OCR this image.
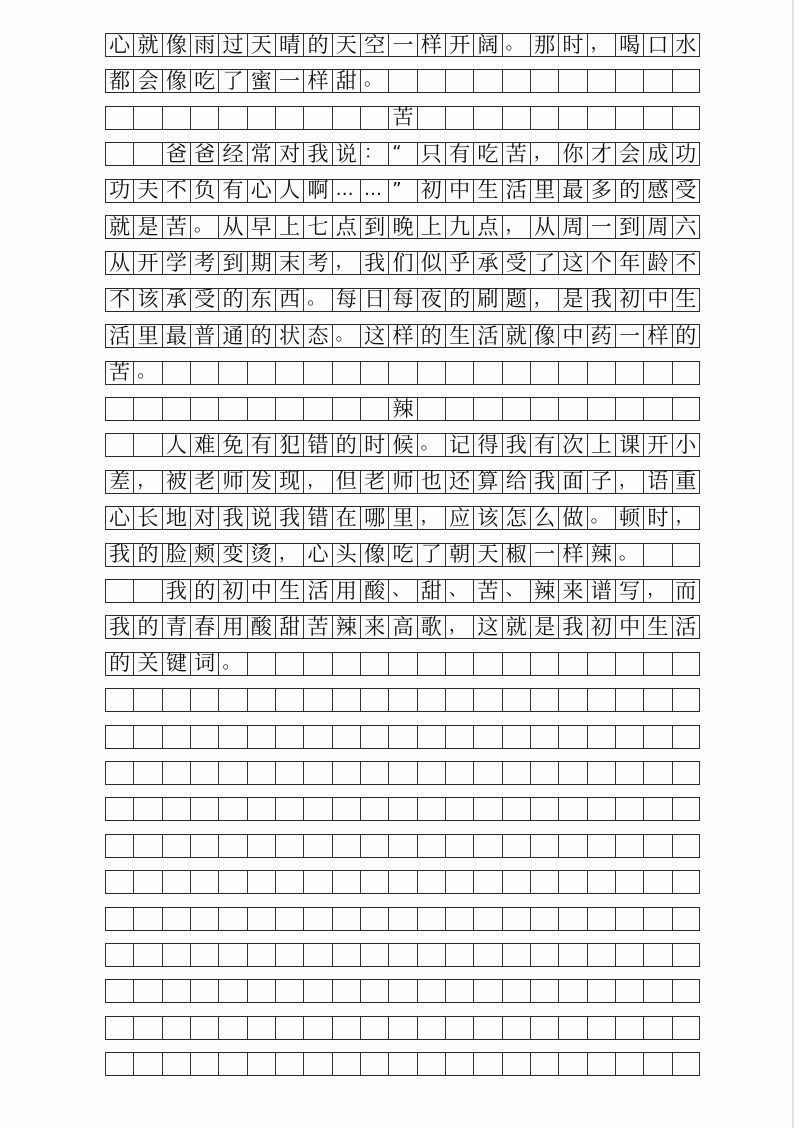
心 就 像 雨 过 天 晴 的 天 空 一 样 开 阔 。 那 时 ， 喝 口 水
都 会 像 吃 了 蜜 一 样 甜 。
苦
爸 爸 经 常 对 我 说 ： “ 只 有 吃 苦 ， 你 才 会 成 功
功 夫 不 负 有 心 人 啊 … … ” 初 中 生 活 里 最 多 的 感 受
就 是 苦 。 从 早 上 七 点 到 晚 上 九 点 ， 从 周 一 到 周 六
从 开 学 考 到 期 末 考 ， 我 们 似 乎 承 受 了 这 个 年 龄 不
不 该 承 受 的 东 西 。 每 日 每 夜 的 刷 题 ， 是 我 初 中 生
活 里 最 普 通 的 状 态 。 这 样 的 生 活 就 像 中 药 一 样 的
苦 。
辣
人 难 免 有 犯 错 的 时 候 。 记 得 我 有 次 上 课 开 小
差 ， 被 老 师 发 现 ， 但 老 师 也 还 算 给 我 面 子 ， 语 重
心 长 地 对 我 说 我 错 在 哪 里 ， 应 该 怎 么 做 。 顿 时 ，
我 的 脸 颊 变 烫 ， 心 头 像 吃 了 朝 天 椒 一 样 辣 。
我 的 初 中 生 活 用 酸 、 甜 、 苦 、 辣 来 谱 写 ， 而
我 的 青 春 用 酸 甜 苦 辣 来 高 歌 ， 这 就 是 我 初 中 生 活
的 关 键 词 。
